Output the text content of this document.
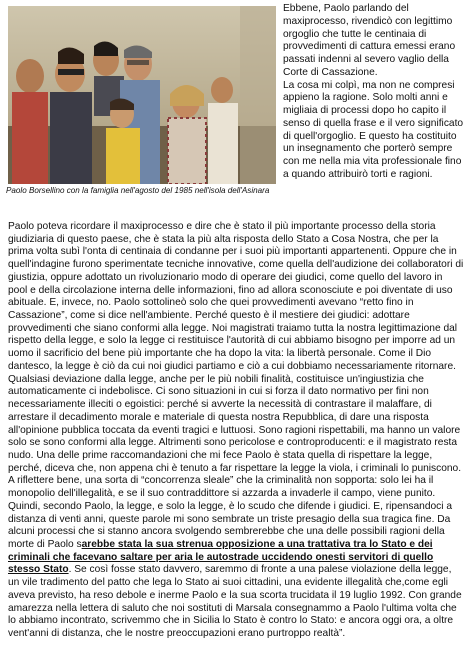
Paolo Borsellino con la famiglia nell'agosto del 1985 nell'isola dell'Asinara

Ebbene, Paolo parlando del maxiprocesso, rivendicò con legittimo orgoglio che tutte le centinaia di provvedimenti di cattura emessi erano passati indenni al severo vaglio della Corte di Cassazione.

La cosa mi colpì, ma non ne compresi appieno la ragione. Solo molti anni e migliaia di processi dopo ho capito il senso di quella frase e il vero significato di quell'orgoglio. E questo ha costituito un insegnamento che porterò sempre con me nella mia vita professionale fino a quando attribuirò torti e ragioni.

Paolo poteva ricordare il maxiprocesso e dire che è stato il più importante processo della storia giudiziaria di questo paese, che è stata la più alta risposta dello Stato a Cosa Nostra, che per la prima volta subì l'onta di centinaia di condanne per i suoi più importanti appartenenti. Oppure che in quell'indagine furono sperimentate tecniche innovative, come quella dell'audizione dei collaboratori di giustizia, oppure adottato un rivoluzionario modo di operare dei giudici, come quello del lavoro in pool e della circolazione interna delle informazioni, fino ad allora sconosciute e poi diventate di uso abituale. E, invece, no. Paolo sottolineò solo che quei provvedimenti avevano “retto fino in Cassazione”, come si dice nell'ambiente. Perché questo è il mestiere dei giudici: adottare provvedimenti che siano conformi alla legge. Noi magistrati traiamo tutta la nostra legittimazione dal rispetto della legge, e solo la legge ci restituisce l'autorità di cui abbiamo bisogno per imporre ad un uomo il sacrificio del bene più importante che ha dopo la vita: la libertà personale. Come il Dio dantesco, la legge è ciò da cui noi giudici partiamo e ciò a cui dobbiamo necessariamente ritornare. Qualsiasi deviazione dalla legge, anche per le più nobili finalità, costituisce un'ingiustizia che automaticamente ci indebolisce. Ci sono situazioni in cui si forza il dato normativo per fini non necessariamente illeciti o egoistici: perché si avverte la necessità di contrastare il malaffare, di arrestare il decadimento morale e materiale di questa nostra Repubblica, di dare una risposta all'opinione pubblica toccata da eventi tragici e luttuosi. Sono ragioni rispettabili, ma hanno un valore solo se sono conformi alla legge. Altrimenti sono pericolose e controproducenti: e il magistrato resta nudo. Una delle prime raccomandazioni che mi fece Paolo è stata quella di rispettare la legge, perché, diceva che, non appena chi è tenuto a far rispettare la legge la viola, i criminali lo puniscono. A riflettere bene, una sorta di “concorrenza sleale” che la criminalità non sopporta: solo lei ha il monopolio dell'illegalità, e se il suo contraddittore si azzarda a invaderle il campo, viene punito. Quindi, secondo Paolo, la legge, e solo la legge, è lo scudo che difende i giudici. E, ripensandoci a distanza di venti anni, queste parole mi sono sembrate un triste presagio della sua tragica fine. Da alcuni processi che si stanno ancora svolgendo sembrerebbe che una delle possibili ragioni della morte di Paolo sarebbe stata la sua strenua opposizione a una trattativa tra lo Stato e dei criminali che facevano saltare per aria le autostrade uccidendo onesti servitori di quello stesso Stato. Se così fosse stato davvero, saremmo di fronte a una palese violazione della legge, un vile tradimento del patto che lega lo Stato ai suoi cittadini, una evidente illegalità che,come egli aveva previsto, ha reso debole e inerme Paolo e la sua scorta trucidata il 19 luglio 1992. Con grande amarezza nella lettera di saluto che noi sostituti di Marsala consegnammo a Paolo l'ultima volta che lo abbiamo incontrato, scrivemmo che in Sicilia lo Stato è contro lo Stato: e ancora oggi ora, a oltre vent'anni di distanza, che le nostre preoccupazioni erano purtroppo realtà”.
